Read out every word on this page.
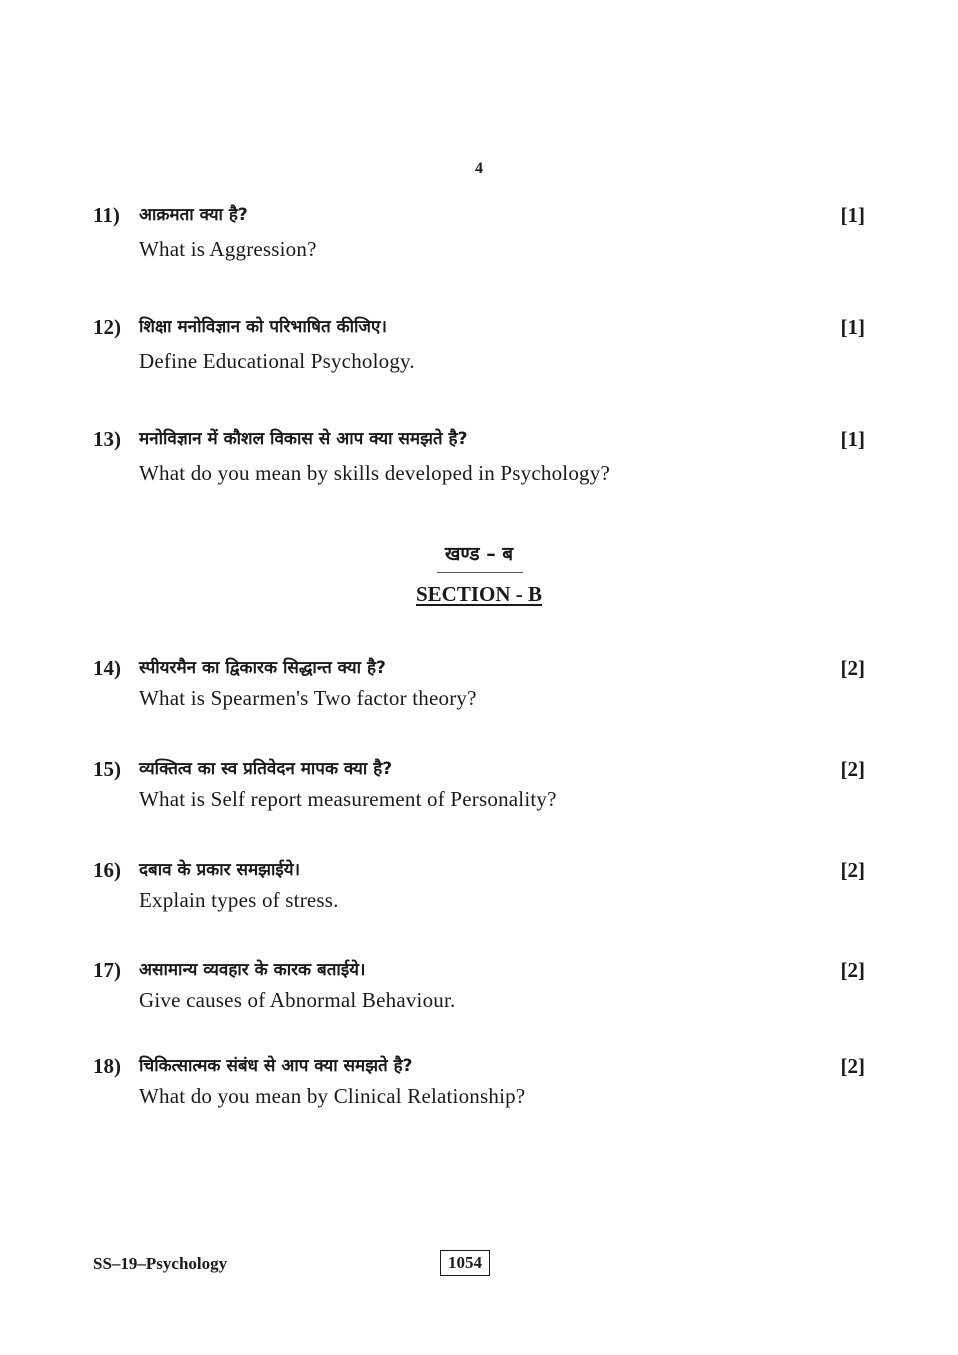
4
11) आक्रमता क्या है?	[1]
What is Aggression?
12) शिक्षा मनोविज्ञान को परिभाषित कीजिए।	[1]
Define Educational Psychology.
13) मनोविज्ञान में कौशल विकास से आप क्या समझते है?	[1]
What do you mean by skills developed in Psychology?
खण्ड – ब
SECTION - B
14) स्पीयरमैन का द्विकारक सिद्धान्त क्या है?	[2]
What is Spearmen's Two factor theory?
15) व्यक्तित्व का स्व प्रतिवेदन मापक क्या है?	[2]
What is Self report measurement of Personality?
16) दबाव के प्रकार समझाईये।	[2]
Explain types of stress.
17) असामान्य व्यवहार के कारक बताईये।	[2]
Give causes of Abnormal Behaviour.
18) चिकित्सात्मक संबंध से आप क्या समझते है?	[2]
What do you mean by Clinical Relationship?
SS–19–Psychology	1054
